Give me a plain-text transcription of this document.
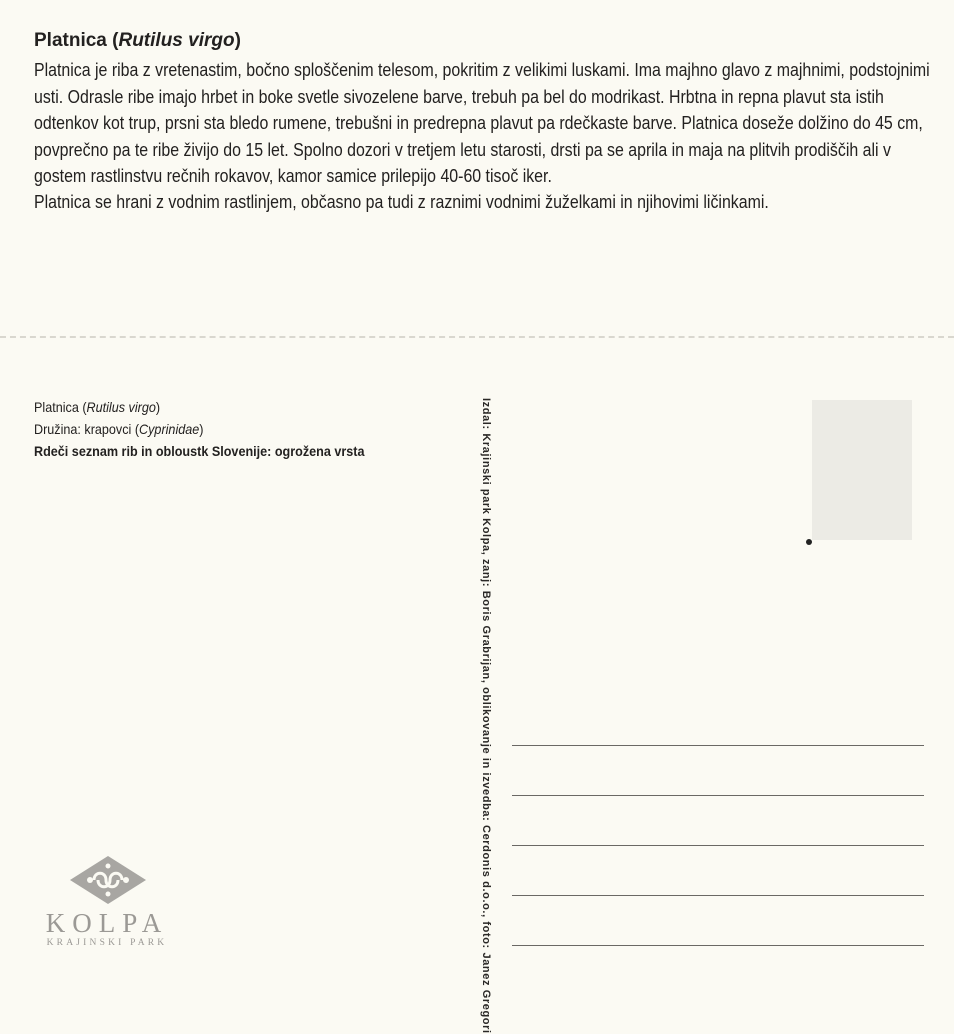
Platnica (Rutilus virgo)

Platnica je riba z vretenastim, bočno sploščenim telesom, pokritim z velikimi luskami. Ima majhno glavo z majhnimi, podstojnimi usti. Odrasle ribe imajo hrbet in boke svetle sivozelene barve, trebuh pa bel do modrikast. Hrbtna in repna plavut sta istih odtenkov kot trup, prsni sta bledo rumene, trebušni in predrepna plavut pa rdečkaste barve. Platnica doseže dolžino do 45 cm, povprečno pa te ribe živijo do 15 let. Spolno dozori v tretjem letu starosti, drsti pa se aprila in maja na plitvih prodiščih ali v gostem rastlinstvu rečnih rokavov, kamor samice prilepijo 40-60 tisoč iker.

Platnica se hrani z vodnim rastlinjem, občasno pa tudi z raznimi vodnimi žuželkami in njihovimi ličinkami.

Platnica (Rutilus virgo)
Družina: krapovci (Cyprinidae)
Rdeči seznam rib in obloustk Slovenije: ogrožena vrsta	Izdal: Krajinski park Kolpa, zanj: Boris Grabrijan, oblikovanje in izvedba: Cerdonis d.o.o., foto: Janez Gregori
KOLPA
KRAJINSKI PARK
